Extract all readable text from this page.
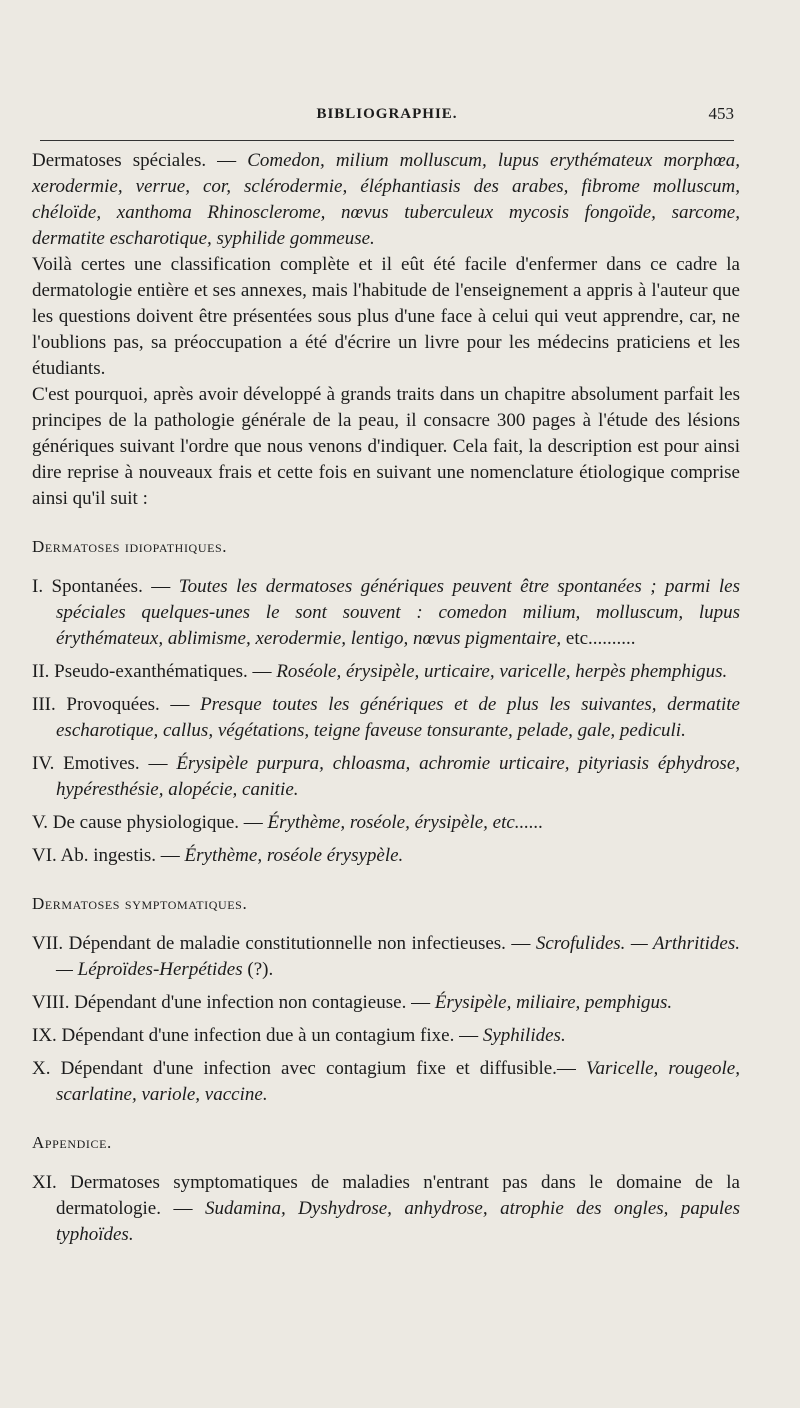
BIBLIOGRAPHIE.	453

Dermatoses spéciales. — Comedon, milium molluscum, lupus erythémateux morphœa, xerodermie, verrue, cor, sclérodermie, éléphantiasis des arabes, fibrome molluscum, chéloïde, xanthoma Rhinosclerome, nœvus tuberculeux mycosis fongoïde, sarcome, dermatite escharotique, syphilide gommeuse.

Voilà certes une classification complète et il eût été facile d'enfermer dans ce cadre la dermatologie entière et ses annexes, mais l'habitude de l'enseignement a appris à l'auteur que les questions doivent être présentées sous plus d'une face à celui qui veut apprendre, car, ne l'oublions pas, sa préoccupation a été d'écrire un livre pour les médecins praticiens et les étudiants.

C'est pourquoi, après avoir développé à grands traits dans un chapitre absolument parfait les principes de la pathologie générale de la peau, il consacre 300 pages à l'étude des lésions génériques suivant l'ordre que nous venons d'indiquer. Cela fait, la description est pour ainsi dire reprise à nouveaux frais et cette fois en suivant une nomenclature étiologique comprise ainsi qu'il suit :

Dermatoses idiopathiques.

I. Spontanées. — Toutes les dermatoses génériques peuvent être spontanées ; parmi les spéciales quelques-unes le sont souvent : comedon milium, molluscum, lupus érythémateux, ablimisme, xerodermie, lentigo, nœvus pigmentaire, etc..........

II. Pseudo-exanthématiques. — Roséole, érysipèle, urticaire, varicelle, herpès phemphigus.

III. Provoquées. — Presque toutes les génériques et de plus les suivantes, dermatite escharotique, callus, végétations, teigne faveuse tonsurante, pelade, gale, pediculi.

IV. Emotives. — Érysipèle purpura, chloasma, achromie urticaire, pityriasis éphydrose, hypéresthésie, alopécie, canitie.

V. De cause physiologique. — Érythème, roséole, érysipèle, etc......

VI. Ab. ingestis. — Érythème, roséole érysypèle.

Dermatoses symptomatiques.

VII. Dépendant de maladie constitutionnelle non infectieuses. — Scrofulides. — Arthritides. — Léproïdes-Herpétides (?).

VIII. Dépendant d'une infection non contagieuse. — Érysipèle, miliaire, pemphigus.

IX. Dépendant d'une infection due à un contagium fixe. — Syphilides.

X. Dépendant d'une infection avec contagium fixe et diffusible.— Varicelle, rougeole, scarlatine, variole, vaccine.

Appendice.

XI. Dermatoses symptomatiques de maladies n'entrant pas dans le domaine de la dermatologie. — Sudamina, Dyshydrose, anhydrose, atrophie des ongles, papules typhoïdes.
